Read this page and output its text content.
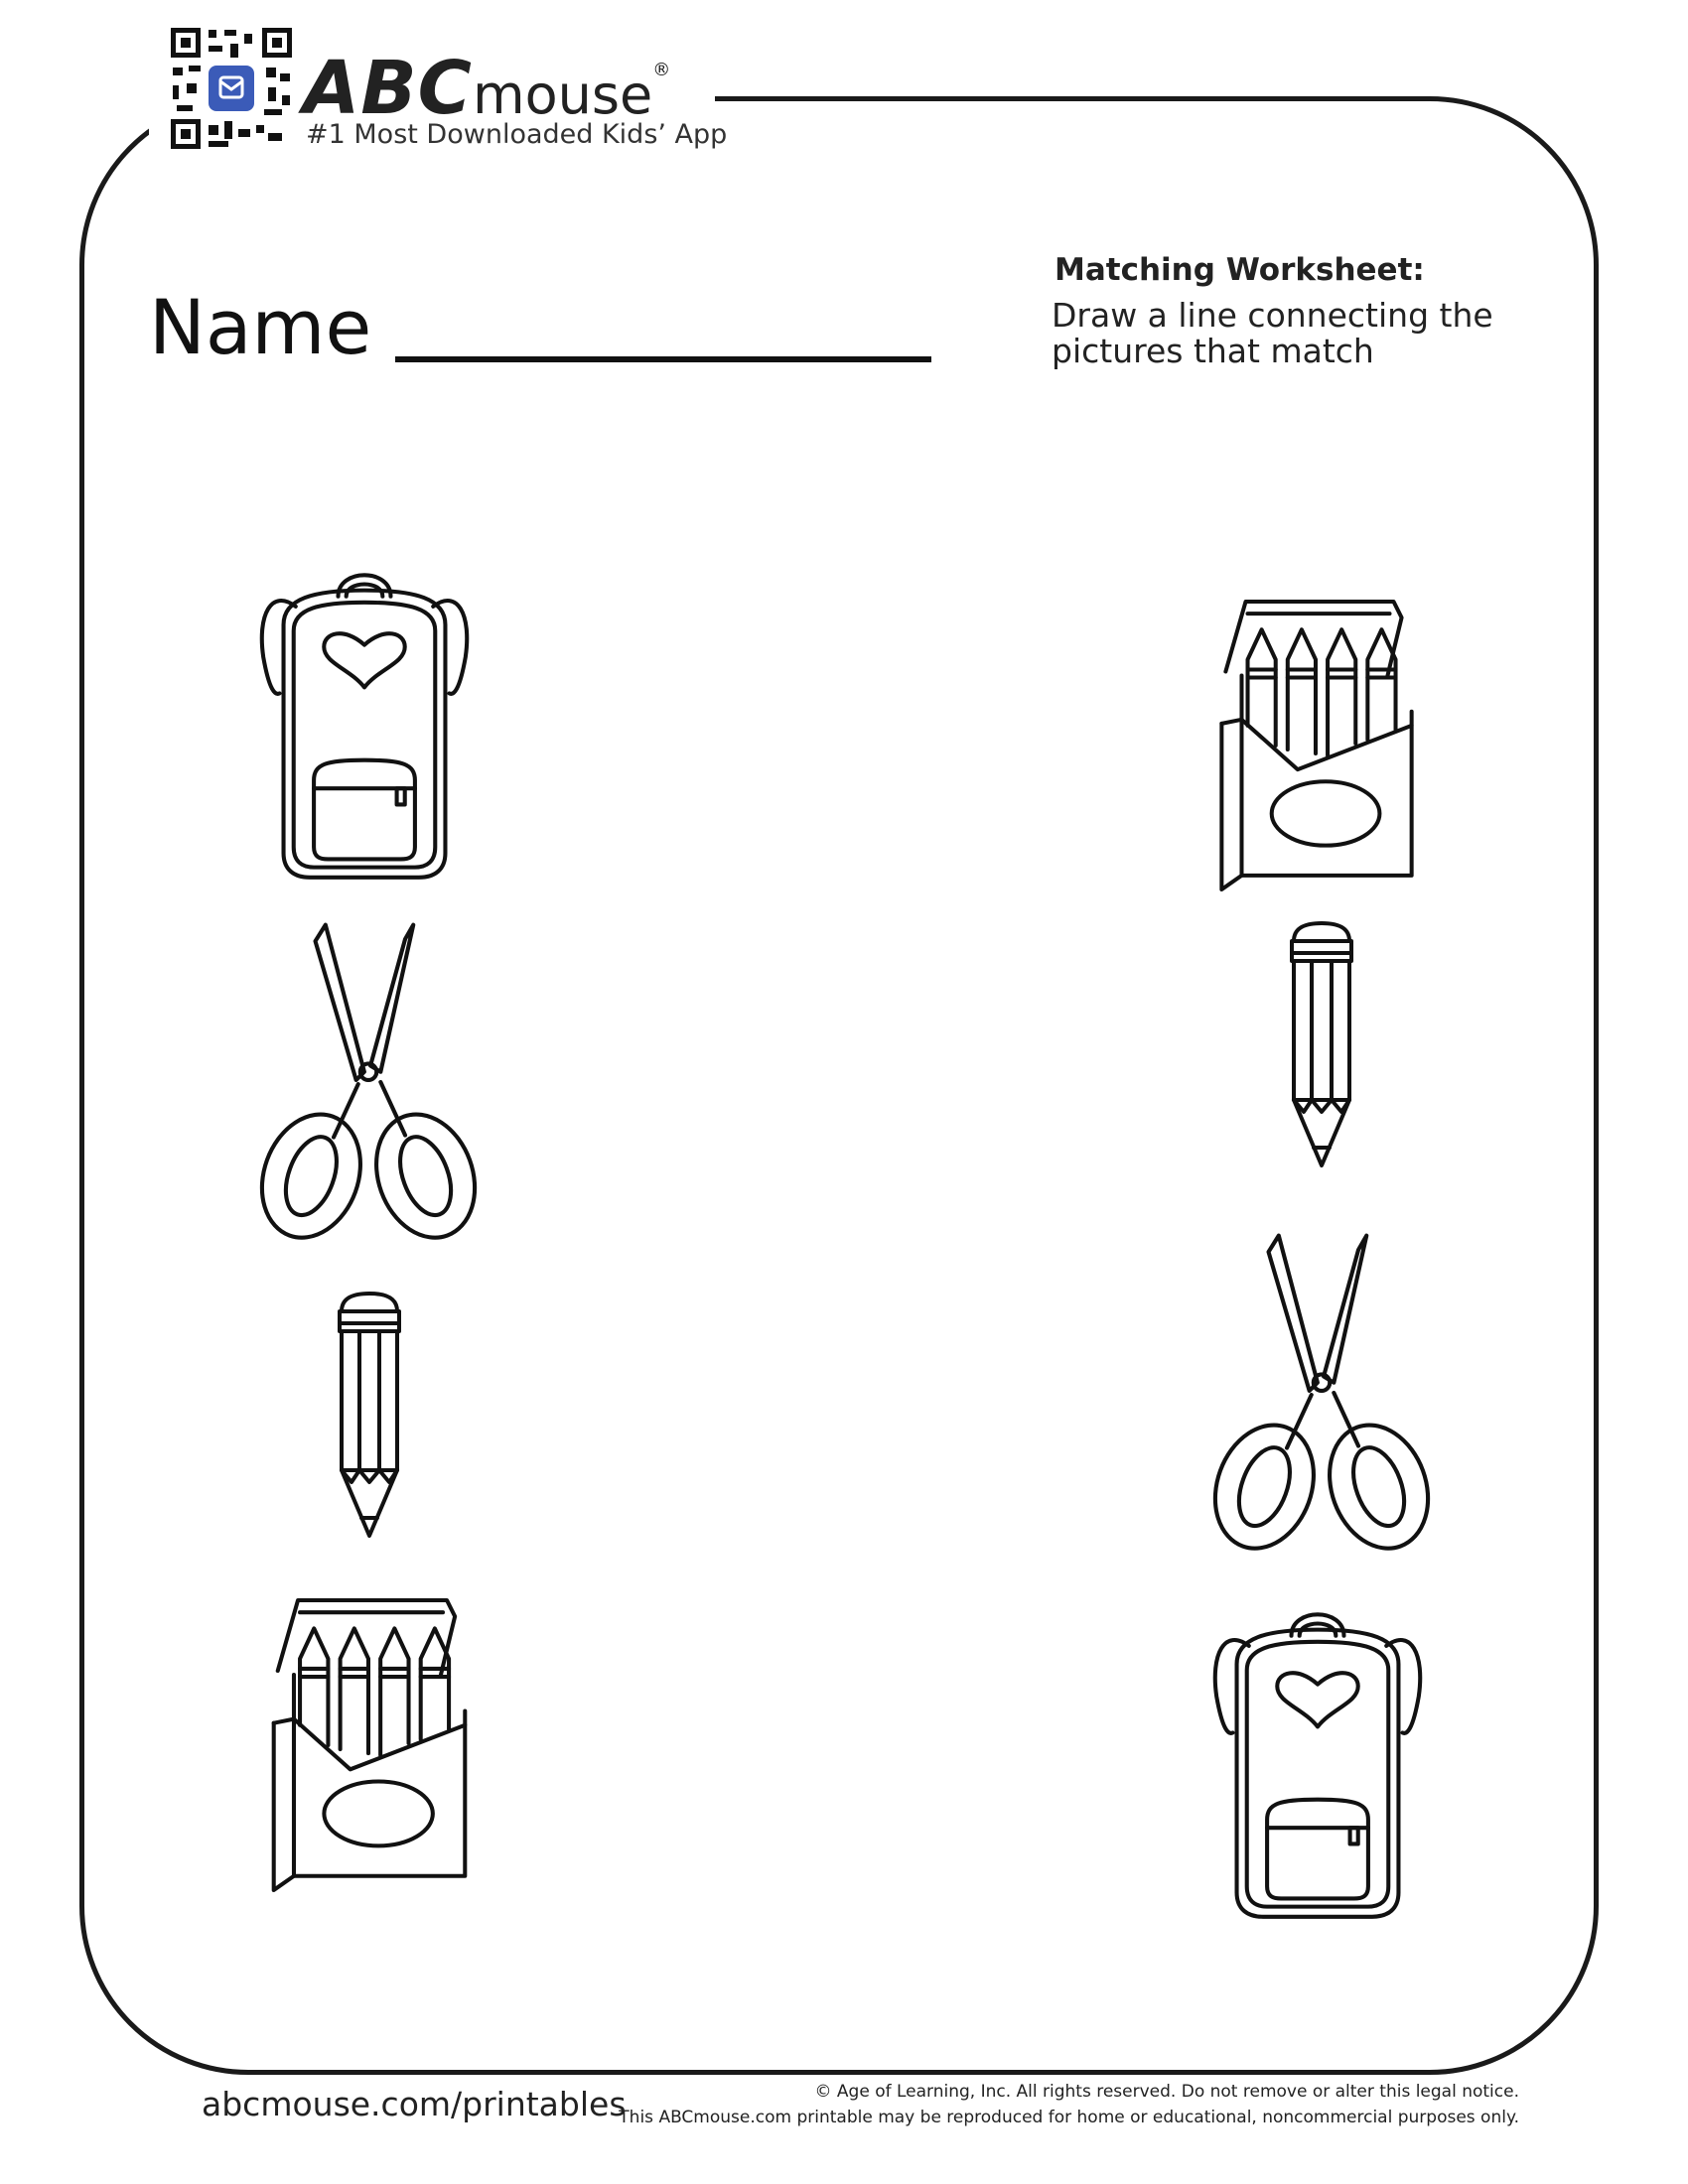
ABCmouse®
#1 Most Downloaded Kids’ App
Name
Matching Worksheet:
Draw a line connecting the pictures that match
abcmouse.com/printables	© Age of Learning, Inc. All rights reserved. Do not remove or alter this legal notice.
This ABCmouse.com printable may be reproduced for home or educational, noncommercial purposes only.
